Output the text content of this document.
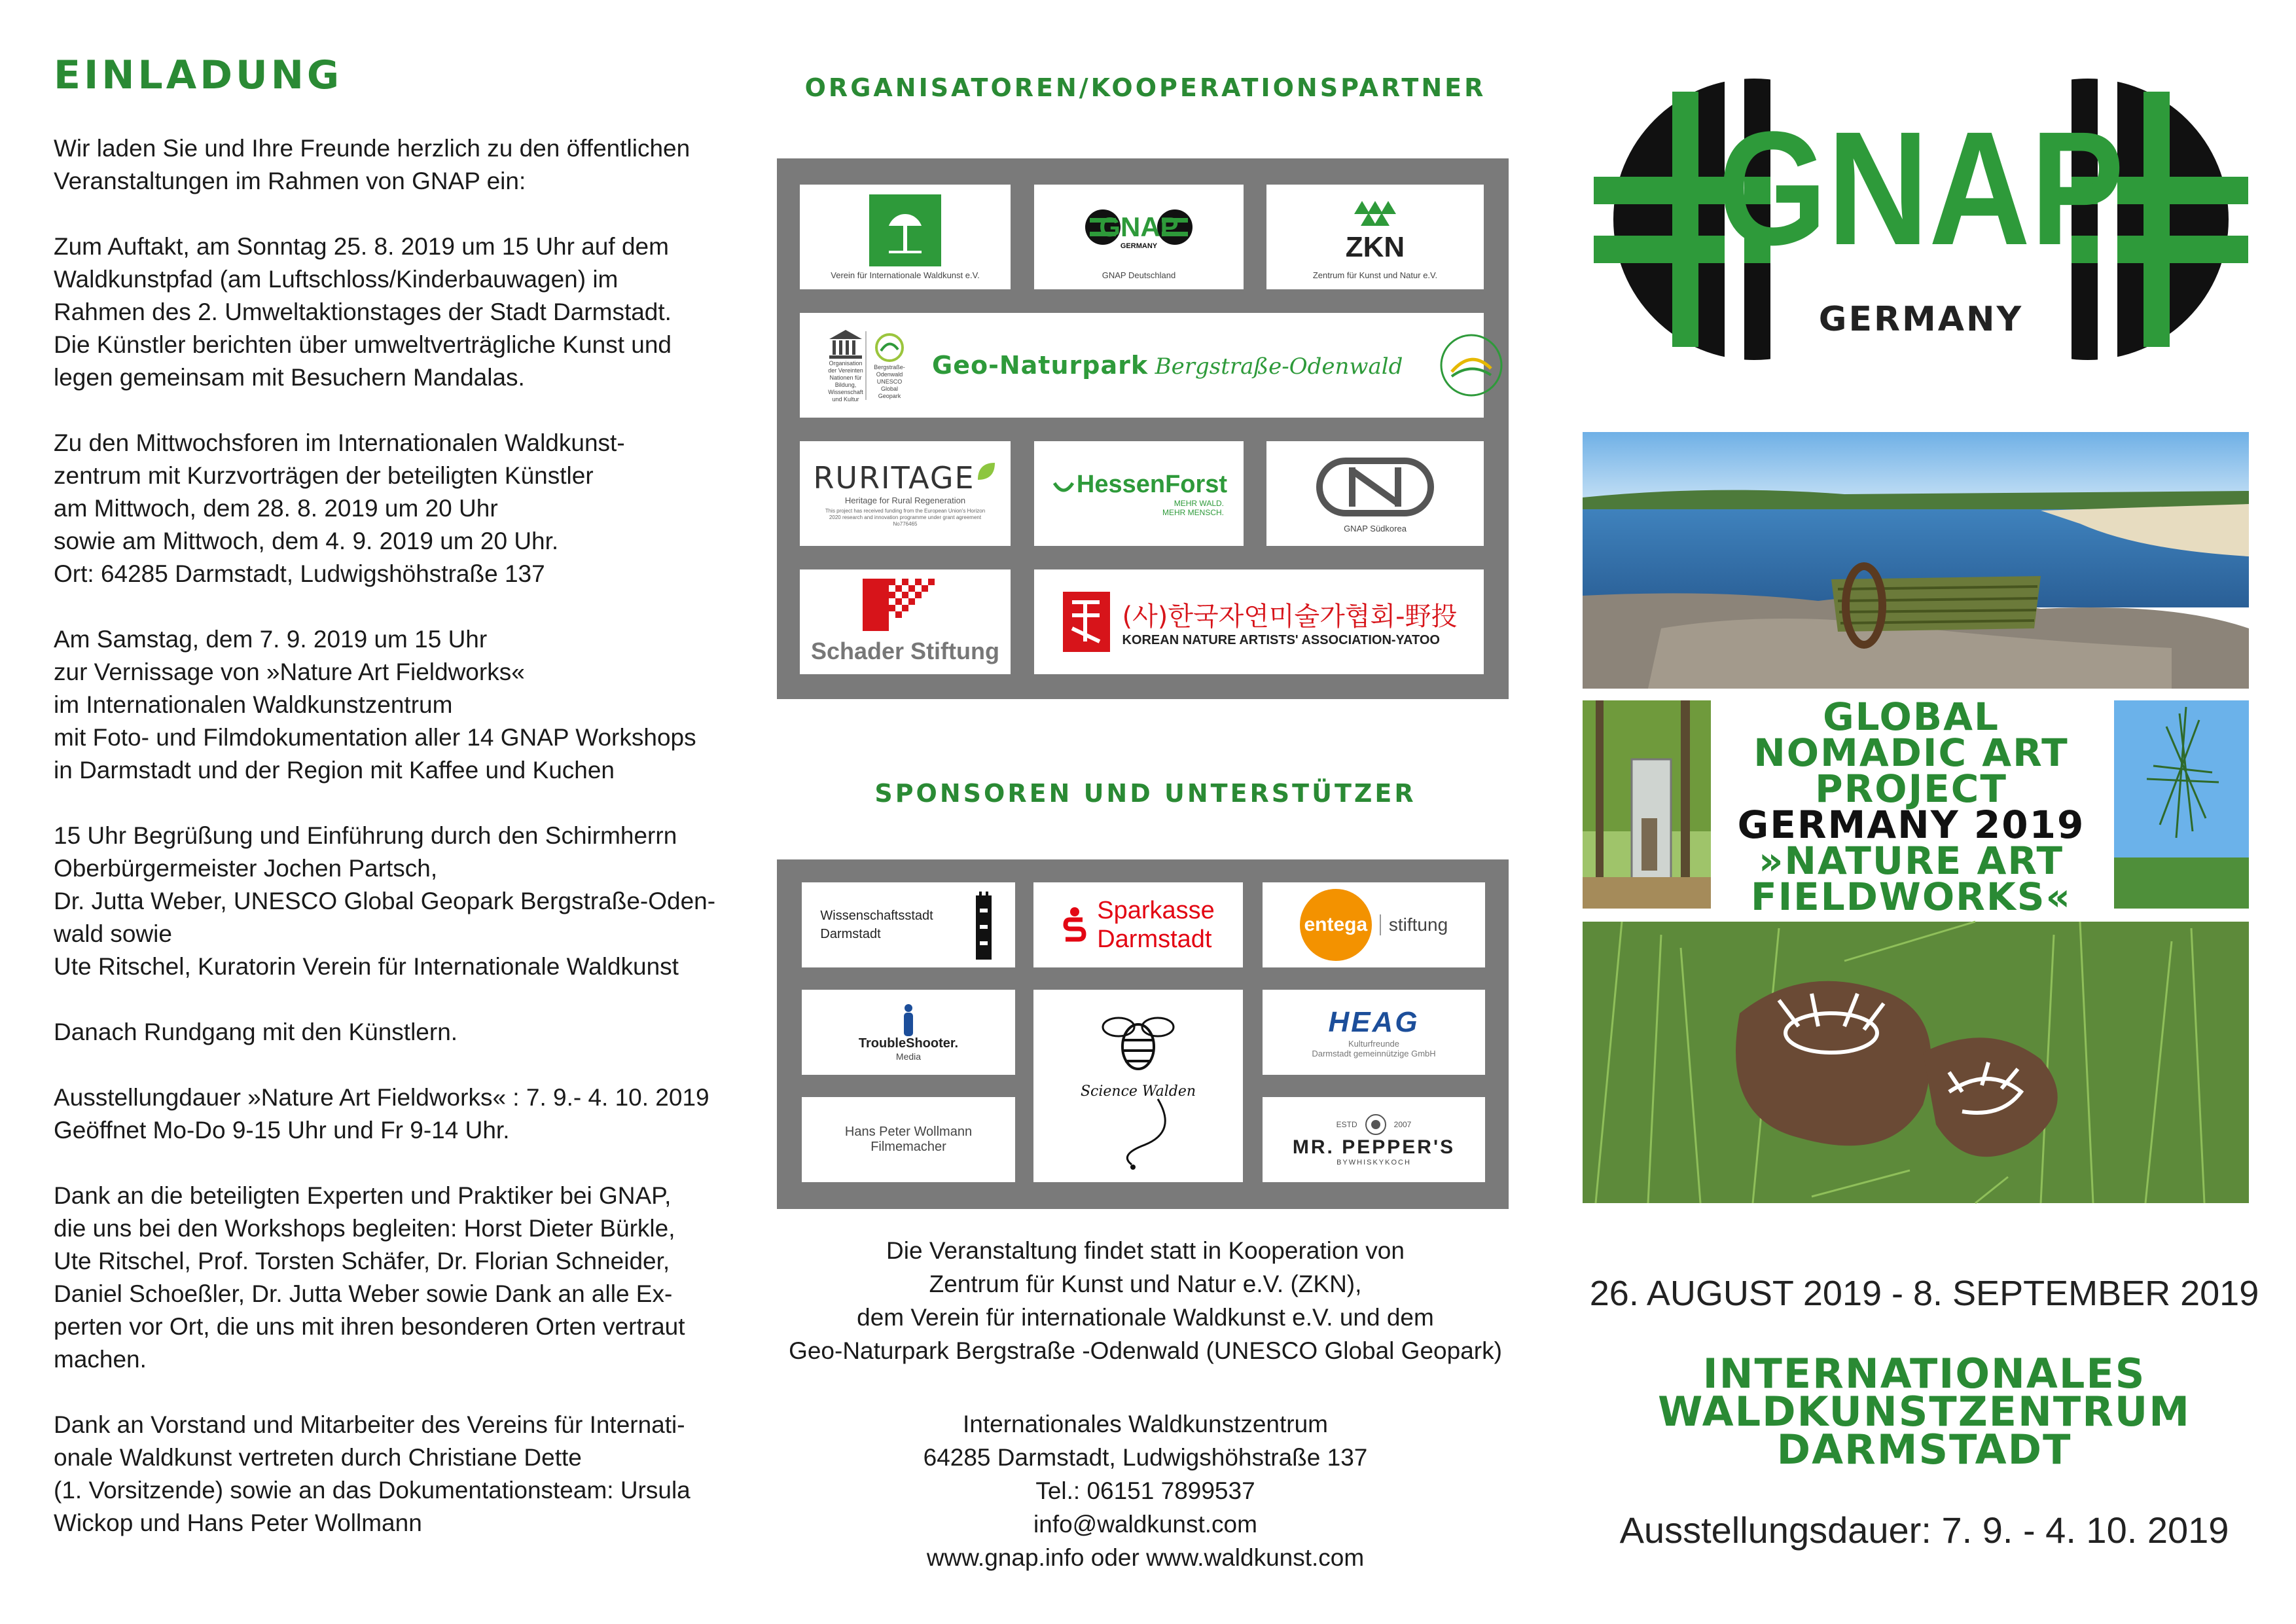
EINLADUNG

Wir laden Sie und Ihre Freunde herzlich zu den öffentlichen
Veranstaltungen im Rahmen von GNAP ein:

Zum Auftakt, am Sonntag 25. 8. 2019 um 15 Uhr auf dem
Waldkunstpfad (am Luftschloss/Kinderbauwagen) im
Rahmen des 2. Umweltaktionstages der Stadt Darmstadt.
Die Künstler berichten über umweltverträgliche Kunst und
legen gemeinsam mit Besuchern Mandalas.

Zu den Mittwochsforen im Internationalen Waldkunst-
zentrum mit Kurzvorträgen der beteiligten Künstler
am Mittwoch, dem 28. 8. 2019 um 20 Uhr
sowie am Mittwoch, dem 4. 9. 2019 um 20 Uhr.
Ort: 64285 Darmstadt, Ludwigshöhstraße 137

Am Samstag, dem 7. 9. 2019 um 15 Uhr
zur Vernissage von »Nature Art Fieldworks«
im Internationalen Waldkunstzentrum
mit Foto- und Filmdokumentation aller 14 GNAP Workshops
in Darmstadt und der Region mit Kaffee und Kuchen

15 Uhr Begrüßung und Einführung durch den Schirmherrn
Oberbürgermeister Jochen Partsch,
Dr. Jutta Weber, UNESCO Global Geopark Bergstraße-Oden-
wald sowie
Ute Ritschel, Kuratorin Verein für Internationale Waldkunst

Danach Rundgang mit den Künstlern.

Ausstellungdauer »Nature Art Fieldworks« : 7. 9.- 4. 10. 2019
Geöffnet Mo-Do 9-15 Uhr und Fr 9-14 Uhr.

Dank an die beteiligten Experten und Praktiker bei GNAP,
die uns bei den Workshops begleiten: Horst Dieter Bürkle,
Ute Ritschel, Prof. Torsten Schäfer, Dr. Florian Schneider,
Daniel Schoeßler, Dr. Jutta Weber sowie Dank an alle Ex-
perten vor Ort, die uns mit ihren besonderen Orten vertraut
machen.

Dank an Vorstand und Mitarbeiter des Vereins für Internati-
onale Waldkunst vertreten durch Christiane Dette
(1. Vorsitzende) sowie an das Dokumentationsteam: Ursula
Wickop und Hans Peter Wollmann

ORGANISATOREN/KOOPERATIONSPARTNER
Verein für Internationale Waldkunst e.V.
GNAP
GERMANY
GNAP Deutschland
ZKN
Zentrum für Kunst und Natur e.V.
Organisation der Vereinten Nationen für Bildung, Wissenschaft und Kultur
Bergstraße-Odenwald UNESCO Global Geopark
Geo-Naturpark Bergstraße-Odenwald
RURITAGE
Heritage for Rural Regeneration
This project has received funding from the European Union's Horizon 2020 research and innovation programme under grant agreement No776465
HessenForst
MEHR WALD.
MEHR MENSCH.
GNAP Südkorea
Schader Stiftung
(사)한국자연미술가협회-野投
KOREAN NATURE ARTISTS' ASSOCIATION-YATOO
SPONSOREN UND UNTERSTÜTZER
Wissenschaftsstadt
Darmstadt
Sparkasse
Darmstadt
entega	stiftung
TroubleShooter.
Media
Science Walden
HEAG
Kulturfreunde
Darmstadt gemeinnützige GmbH
Hans Peter Wollmann
Filmemacher
ESTD	2007
MR. PEPPER'S
BYWHISKYKOCH
Die Veranstaltung findet statt in Kooperation von
Zentrum für Kunst und Natur e.V. (ZKN),
dem Verein für internationale Waldkunst e.V. und dem
Geo-Naturpark Bergstraße -Odenwald (UNESCO Global Geopark)
Internationales Waldkunstzentrum
64285 Darmstadt, Ludwigshöhstraße 137
Tel.: 06151 7899537
info@waldkunst.com
www.gnap.info oder www.waldkunst.com
GNAP
GERMANY
GLOBAL
NOMADIC ART
PROJECT
GERMANY 2019
»NATURE ART
FIELDWORKS«
26. AUGUST 2019 - 8. SEPTEMBER 2019
INTERNATIONALES
WALDKUNSTZENTRUM
DARMSTADT
Ausstellungsdauer: 7. 9. - 4. 10. 2019
